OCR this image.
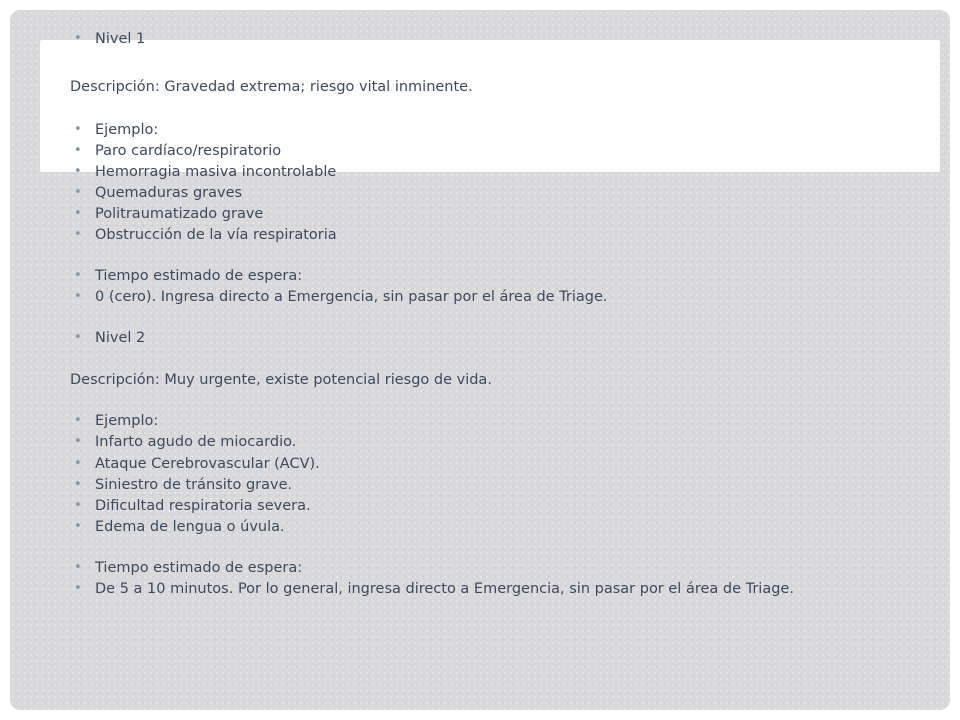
• Nivel 1
Descripción: Gravedad extrema; riesgo vital inminente.
• Ejemplo:
• Paro cardíaco/respiratorio
• Hemorragia masiva incontrolable
• Quemaduras graves
• Politraumatizado grave
• Obstrucción de la vía respiratoria
• Tiempo estimado de espera:
• 0 (cero). Ingresa directo a Emergencia, sin pasar por el área de Triage.
• Nivel 2
Descripción: Muy urgente, existe potencial riesgo de vida.
• Ejemplo:
• Infarto agudo de miocardio.
• Ataque Cerebrovascular (ACV).
• Siniestro de tránsito grave.
• Dificultad respiratoria severa.
• Edema de lengua o úvula.
• Tiempo estimado de espera:
• De 5 a 10 minutos. Por lo general, ingresa directo a Emergencia, sin pasar por el área de Triage.
